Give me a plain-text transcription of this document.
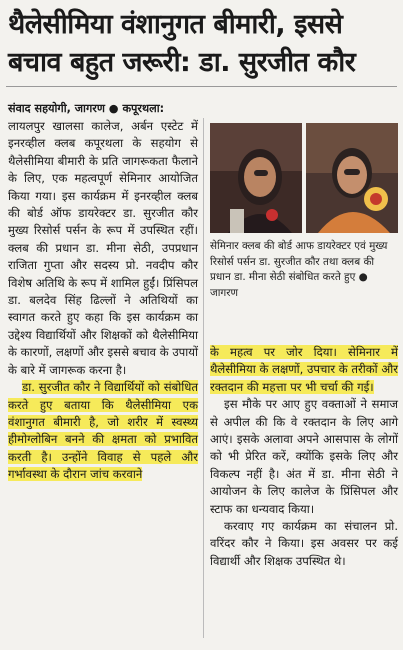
थैलेसीमिया वंशानुगत बीमारी, इससे
बचाव बहुत जरूरी: डा. सुरजीत कौर
संवाद सहयोगी, जागरण ● कपूरथला:

लायलपुर खालसा कालेज, अर्बन एस्टेट में इनरव्हील क्लब कपूरथला के सहयोग से थैलेसीमिया बीमारी के प्रति जागरूकता फैलाने के लिए, एक महत्वपूर्ण सेमिनार आयोजित किया गया। इस कार्यक्रम में इनरव्हील क्लब की बोर्ड ऑफ डायरेक्टर डा. सुरजीत कौर मुख्य रिसोर्स पर्सन के रूप में उपस्थित रहीं। क्लब की प्रधान डा. मीना सेठी, उपप्रधान राजिता गुप्ता और सदस्य प्रो. नवदीप कौर विशेष अतिथि के रूप में शामिल हुईं। प्रिंसिपल डा. बलदेव सिंह ढिल्लों ने अतिथियों का स्वागत करते हुए कहा कि इस कार्यक्रम का उद्देश्य विद्यार्थियों और शिक्षकों को थैलेसीमिया के कारणों, लक्षणों और इससे बचाव के उपायों के बारे में जागरूक करना है।

डा. सुरजीत कौर ने विद्यार्थियों को संबोधित करते हुए बताया कि थैलेसीमिया एक वंशानुगत बीमारी है, जो शरीर में स्वस्थ्य हीमोग्लोबिन बनने की क्षमता को प्रभावित करती है। उन्होंने विवाह से पहले और गर्भावस्था के दौरान जांच करवाने

सेमिनार क्लब की बोर्ड आफ डायरेक्टर एवं मुख्य रिसोर्स पर्सन डा. सुरजीत कौर तथा क्लब की प्रधान डा. मीना सेठी संबोधित करते हुए ● जागरण

के महत्व पर जोर दिया। सेमिनार में थैलेसीमिया के लक्षणों, उपचार के तरीकों और रक्तदान की महत्ता पर भी चर्चा की गई।

इस मौके पर आए हुए वक्ताओं ने समाज से अपील की कि वे रक्तदान के लिए आगे आएं। इसके अलावा अपने आसपास के लोगों को भी प्रेरित करें, क्योंकि इसके लिए और विकल्प नहीं है। अंत में डा. मीना सेठी ने आयोजन के लिए कालेज के प्रिंसिपल और स्टाफ का धन्यवाद किया।

करवाए गए कार्यक्रम का संचालन प्रो. वरिंदर कौर ने किया। इस अवसर पर कई विद्यार्थी और शिक्षक उपस्थित थे।
